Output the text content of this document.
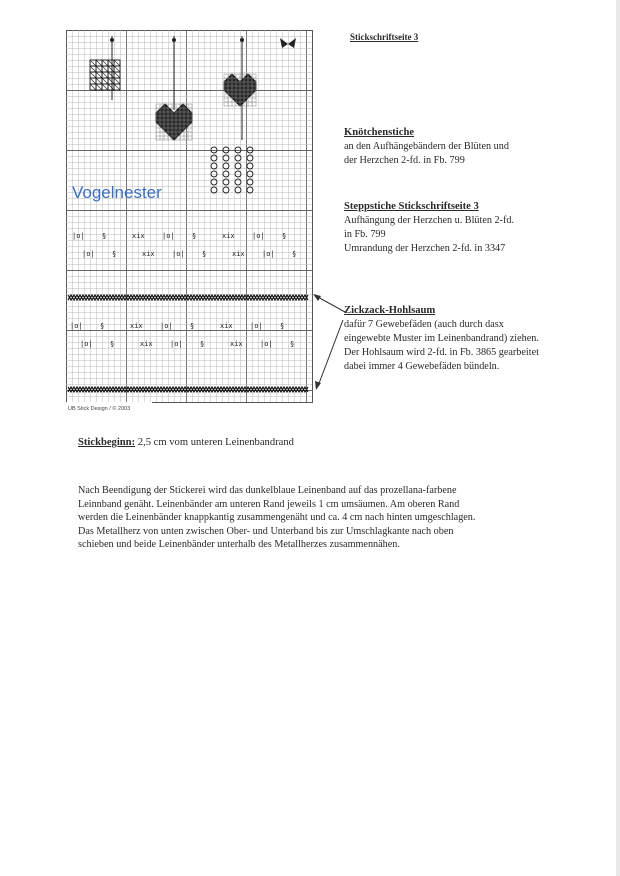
|o| §	xix |o| §	xix |o| §
|o| §	xix |o| §	xix |o| §
|o| §	xix |o| §	xix |o| §
|o| §	xix |o| §	xix |o| §
Vogelnester
UB Stick Design / © 2003
Stickschriftseite 3
Knötchenstiche
an den Aufhängebändern der Blüten und
der Herzchen 2-fd. in Fb. 799
Steppstiche Stickschriftseite 3
Aufhängung der Herzchen u. Blüten 2-fd.
in Fb. 799
Umrandung der Herzchen 2-fd. in 3347
Zickzack-Hohlsaum
dafür 7 Gewebefäden (auch durch dasx
eingewebte Muster im Leinenbandrand) ziehen.
Der Hohlsaum wird 2-fd. in Fb. 3865 gearbeitet
dabei immer 4 Gewebefäden bündeln.
Stickbeginn: 2,5 cm vom unteren Leinenbandrand
Nach Beendigung der Stickerei wird das dunkelblaue Leinenband auf das prozellana-farbene
Leinnband genäht. Leinenbänder am unteren Rand jeweils 1 cm umsäumen. Am oberen Rand
werden die Leinenbänder knappkantig zusammengenäht und ca. 4 cm nach hinten umgeschlagen.
Das Metallherz von unten zwischen Ober- und Unterband bis zur Umschlagkante nach oben
schieben und beide Leinenbänder unterhalb des Metallherzes zusammennähen.
